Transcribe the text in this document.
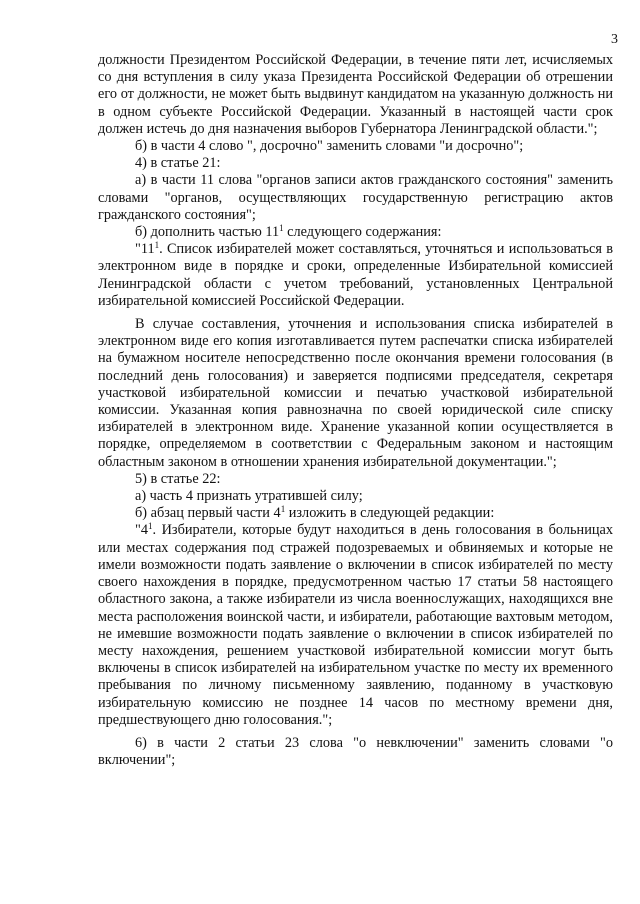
3

должности Президентом Российской Федерации, в течение пяти лет, исчисляемых со дня вступления в силу указа Президента Российской Федерации об отрешении его от должности, не может быть выдвинут кандидатом на указанную должность ни в одном субъекте Российской Федерации. Указанный в настоящей части срок должен истечь до дня назначения выборов Губернатора Ленинградской области.";

б) в части 4 слово ", досрочно" заменить словами "и досрочно";

4) в статье 21:

а) в части 11 слова "органов записи актов гражданского состояния" заменить словами "органов, осуществляющих государственную регистрацию актов гражданского состояния";

б) дополнить частью $11^1$ следующего содержания:

"$11^1$. Список избирателей может составляться, уточняться и использоваться в электронном виде в порядке и сроки, определенные Избирательной комиссией Ленинградской области с учетом требований, установленных Центральной избирательной комиссией Российской Федерации.

В случае составления, уточнения и использования списка избирателей в электронном виде его копия изготавливается путем распечатки списка избирателей на бумажном носителе непосредственно после окончания времени голосования (в последний день голосования) и заверяется подписями председателя, секретаря участковой избирательной комиссии и печатью участковой избирательной комиссии. Указанная копия равнозначна по своей юридической силе списку избирателей в электронном виде. Хранение указанной копии осуществляется в порядке, определяемом в соответствии с Федеральным законом и настоящим областным законом в отношении хранения избирательной документации.";

5) в статье 22:

а) часть 4 признать утратившей силу;

б) абзац первый части $4^1$ изложить в следующей редакции:

"$4^1$. Избиратели, которые будут находиться в день голосования в больницах или местах содержания под стражей подозреваемых и обвиняемых и которые не имели возможности подать заявление о включении в список избирателей по месту своего нахождения в порядке, предусмотренном частью 17 статьи 58 настоящего областного закона, а также избиратели из числа военнослужащих, находящихся вне места расположения воинской части, и избиратели, работающие вахтовым методом, не имевшие возможности подать заявление о включении в список избирателей по месту нахождения, решением участковой избирательной комиссии могут быть включены в список избирателей на избирательном участке по месту их временного пребывания по личному письменному заявлению, поданному в участковую избирательную комиссию не позднее 14 часов по местному времени дня, предшествующего дню голосования.";

6) в части 2 статьи 23 слова "о невключении" заменить словами "о включении";
